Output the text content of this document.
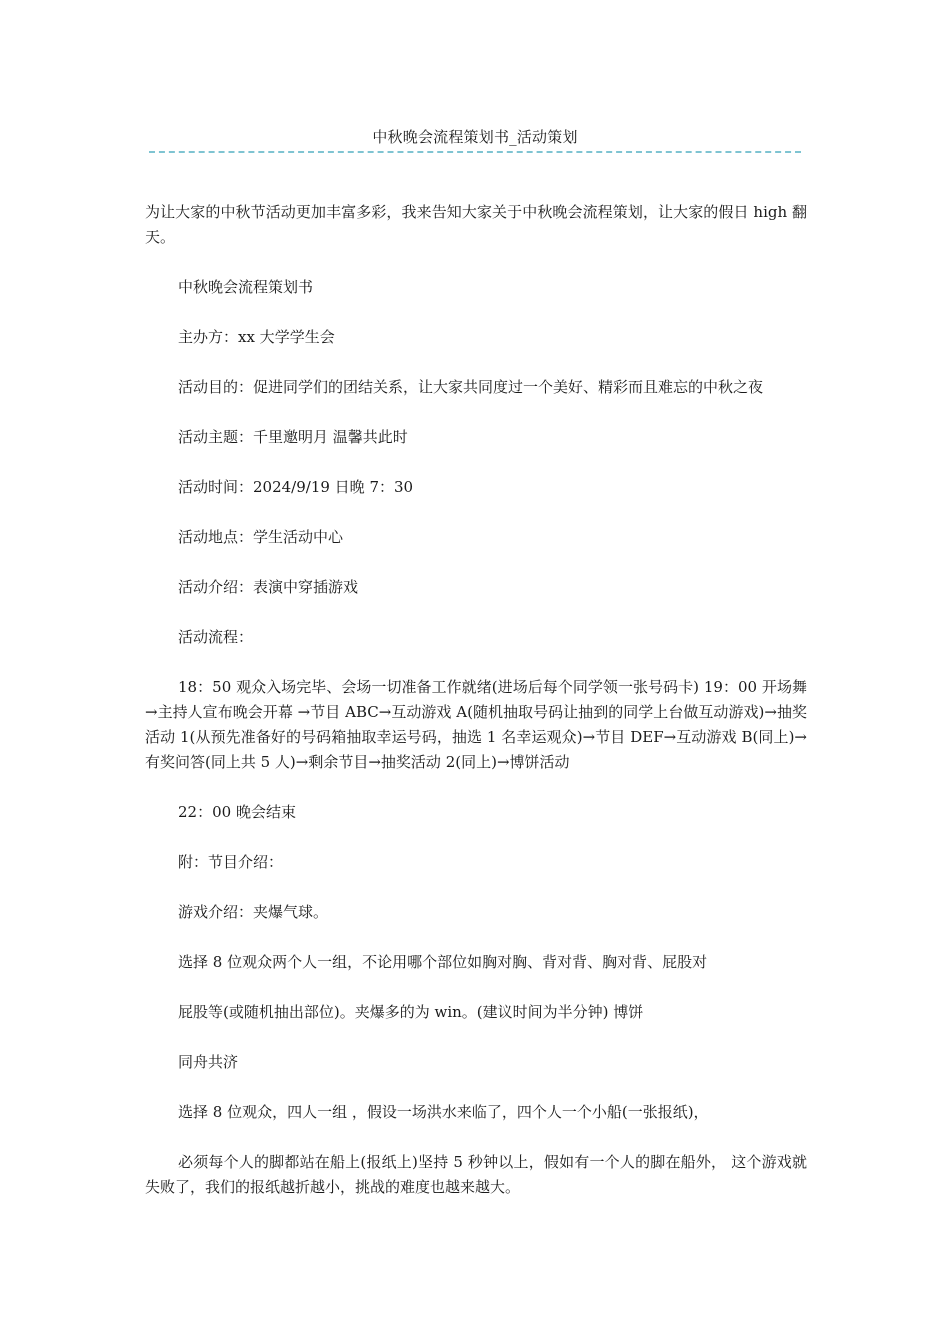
中秋晚会流程策划书_活动策划

为让大家的中秋节活动更加丰富多彩，我来告知大家关于中秋晚会流程策划，让大家的假日 high 翻天。

中秋晚会流程策划书

主办方：xx 大学学生会

活动目的：促进同学们的团结关系，让大家共同度过一个美好、精彩而且难忘的中秋之夜

活动主题：千里邀明月 温馨共此时

活动时间：2024/9/19 日晚 7：30

活动地点：学生活动中心

活动介绍：表演中穿插游戏

活动流程：

18：50 观众入场完毕、会场一切准备工作就绪(进场后每个同学领一张号码卡) 19：00 开场舞→主持人宣布晚会开幕 →节目 ABC→互动游戏 A(随机抽取号码让抽到的同学上台做互动游戏)→抽奖活动 1(从预先准备好的号码箱抽取幸运号码，抽选 1 名幸运观众)→节目 DEF→互动游戏 B(同上)→有奖问答(同上共 5 人)→剩余节目→抽奖活动 2(同上)→博饼活动

22：00 晚会结束

附：节目介绍：

游戏介绍：夹爆气球。

选择 8 位观众两个人一组，不论用哪个部位如胸对胸、背对背、胸对背、屁股对

屁股等(或随机抽出部位)。夹爆多的为 win。(建议时间为半分钟) 博饼

同舟共济

选择 8 位观众，四人一组 ，假设一场洪水来临了，四个人一个小船(一张报纸)，

必须每个人的脚都站在船上(报纸上)坚持 5 秒钟以上，假如有一个人的脚在船外， 这个游戏就失败了，我们的报纸越折越小，挑战的难度也越来越大。
